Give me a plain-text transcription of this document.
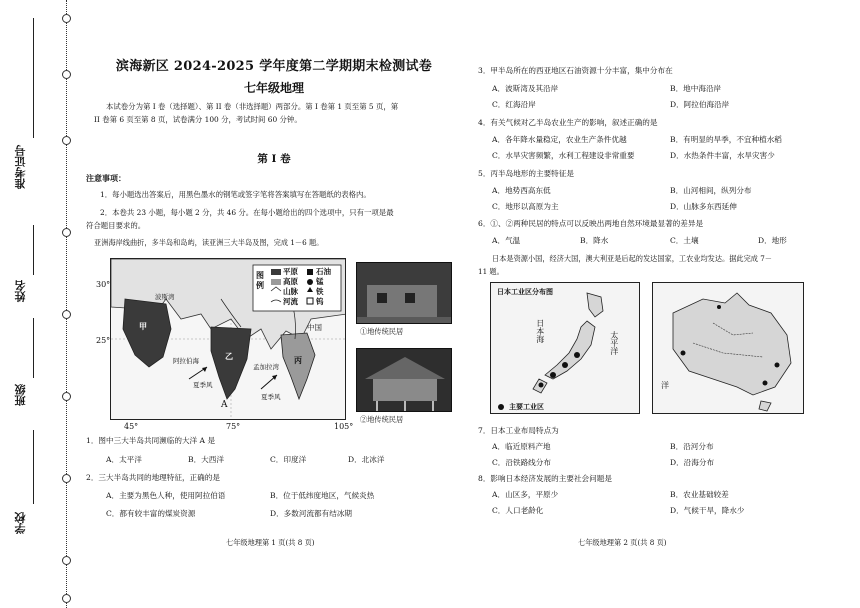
准考证号
姓名
班级
学校
滨海新区 2024-2025 学年度第二学期期末检测试卷
七年级地理
本试卷分为第 I 卷（选择题）、第 II 卷（非选择题）两部分。第 I 卷第 1 页至第 5 页，第
II 卷第 6 页至第 8 页，试卷满分 100 分，考试时间 60 分钟。
第 I 卷
注意事项：
1．每小题选出答案后，用黑色墨水的钢笔或签字笔将答案填写在答题纸的表格内。
2．本卷共 23 小题，每小题 2 分，共 46 分。在每小题给出的四个选项中，只有一项是最
符合题目要求的。
亚洲海岸线曲折，多半岛和岛屿，读亚洲三大半岛及图，完成 1－6 题。
30°
25°
45°	75°	105°
图例
平原 石油
高原 锰
山脉 铁
河流 钨
甲
乙	丙
A
中国
波斯湾
阿拉伯海
孟加拉湾
夏季风
夏季风
①地传统民居
②地传统民居
1．图中三大半岛共同濒临的大洋 A 是
A．太平洋	B．大西洋	C．印度洋	D．北冰洋
2．三大半岛共同的地理特征，正确的是
A．主要为黑色人种，使用阿拉伯语	B．位于低纬度地区，气候炎热
C．都有较丰富的煤炭资源	D．多数河流都有结冰期
七年级地理第 1 页(共 8 页)
3．甲半岛所在的西亚地区石油资源十分丰富，集中分布在
A．波斯湾及其沿岸	B．地中海沿岸
C．红海沿岸	D．阿拉伯海沿岸
4．有关气候对乙半岛农业生产的影响，叙述正确的是
A．各年降水量稳定，农业生产条件优越	B．有明显的旱季，不宜种植水稻
C．水旱灾害频繁，水利工程建设非常重要	D．水热条件丰富，水旱灾害少
5．丙半岛地形的主要特征是
A．地势西高东低	B．山河相间，纵列分布
C．地形以高原为主	D．山脉多东西延伸
6．①、②两种民居的特点可以反映出两地自然环境最显著的差异是
A．气温	B．降水	C．土壤	D．地形
日本是资源小国，经济大国，澳大利亚是后起的发达国家，工农业均发达。据此完成 7－
11 题。
日本工业区分布图
日本海	太平洋
主要工业区
洋
7．日本工业布局特点为
A．临近原料产地	B．沿河分布
C．沿铁路线分布	D．沿海分布
8．影响日本经济发展的主要社会问题是
A．山区多，平原少	B．农业基础较差
C．人口老龄化	D．气候干旱，降水少
七年级地理第 2 页(共 8 页)
